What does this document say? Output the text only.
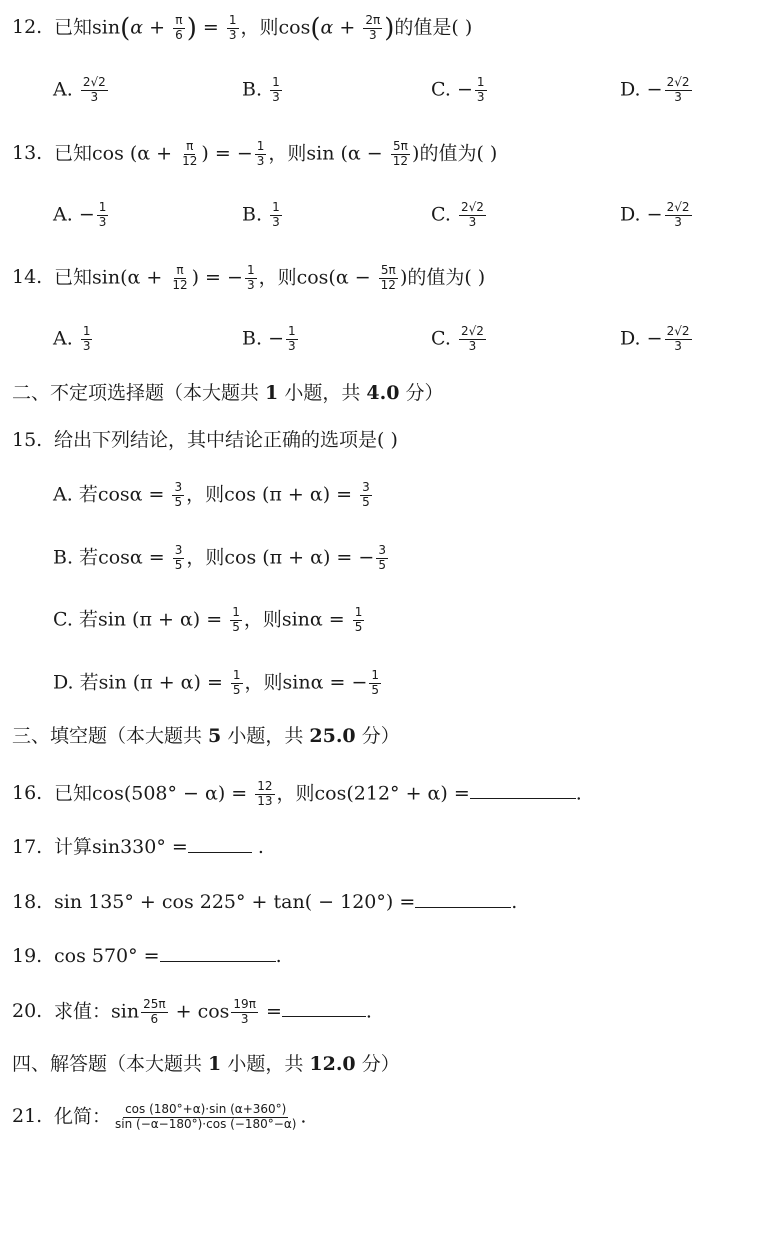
12. 已知$\sin(\alpha + \frac{\pi}{6}$ ) = $\frac{1}{3}$ ，则$\cos(\alpha + \frac{2\pi}{3}$ )的值是( )
A. $\frac{2√2}{3}$	B. $\frac{1}{3}$	C. − $\frac{1}{3}$	D. − $\frac{2√2}{3}$
13. 已知$\cos (\alpha + \frac{\pi}{12}$ ) = − $\frac{1}{3}$ ，则$\sin (\alpha - \frac{5\pi}{12}$ )的值为( )
A. − $\frac{1}{3}$	B. $\frac{1}{3}$	C. $\frac{2√2}{3}$	D. − $\frac{2√2}{3}$
14. 已知$\sin(\alpha + \frac{\pi}{12}$ ) = − $\frac{1}{3}$ ，则$\cos(\alpha - \frac{5\pi}{12}$ )的值为( )
A. $\frac{1}{3}$	B. − $\frac{1}{3}$	C. $\frac{2√2}{3}$	D. − $\frac{2√2}{3}$
二、不定项选择题（本大题共 1 小题，共 4.0 分）
15. 给出下列结论，其中结论正确的选项是( )
A. 若$\cos\alpha = \frac{3}{5}$ ，则$\cos (\pi + \alpha) = \frac{3}{5}$
B. 若$\cos\alpha = \frac{3}{5}$ ，则cos (π + α) = − $\frac{3}{5}$
C. 若$\sin (\pi + \alpha) = \frac{1}{5}$ ，则$\sin\alpha = \frac{1}{5}$
D. 若$\sin (\pi + \alpha) = \frac{1}{5}$ ，则sinα = − $\frac{1}{5}$
三、填空题（本大题共 5 小题，共 25.0 分）
16. 已知$\cos(508^\circ - \alpha) = \frac{12}{13}$ ，则cos(212° + α) =	.
17. 计算sin330° =	.
18. sin 135° + cos 225° + tan( − 120°) =	.
19. cos 570° =	.
20. 求值：$\sin \frac{25\pi}{6} + \cos \frac{19\pi}{3}$ =	.
四、解答题（本大题共 1 小题，共 12.0 分）
21. 化简： $\frac{\cos (180^\circ+\alpha)\cdot\sin (\alpha+360^\circ)}{\sin (-\alpha-180^\circ)\cdot\cos (-180^\circ-\alpha)}$ .
